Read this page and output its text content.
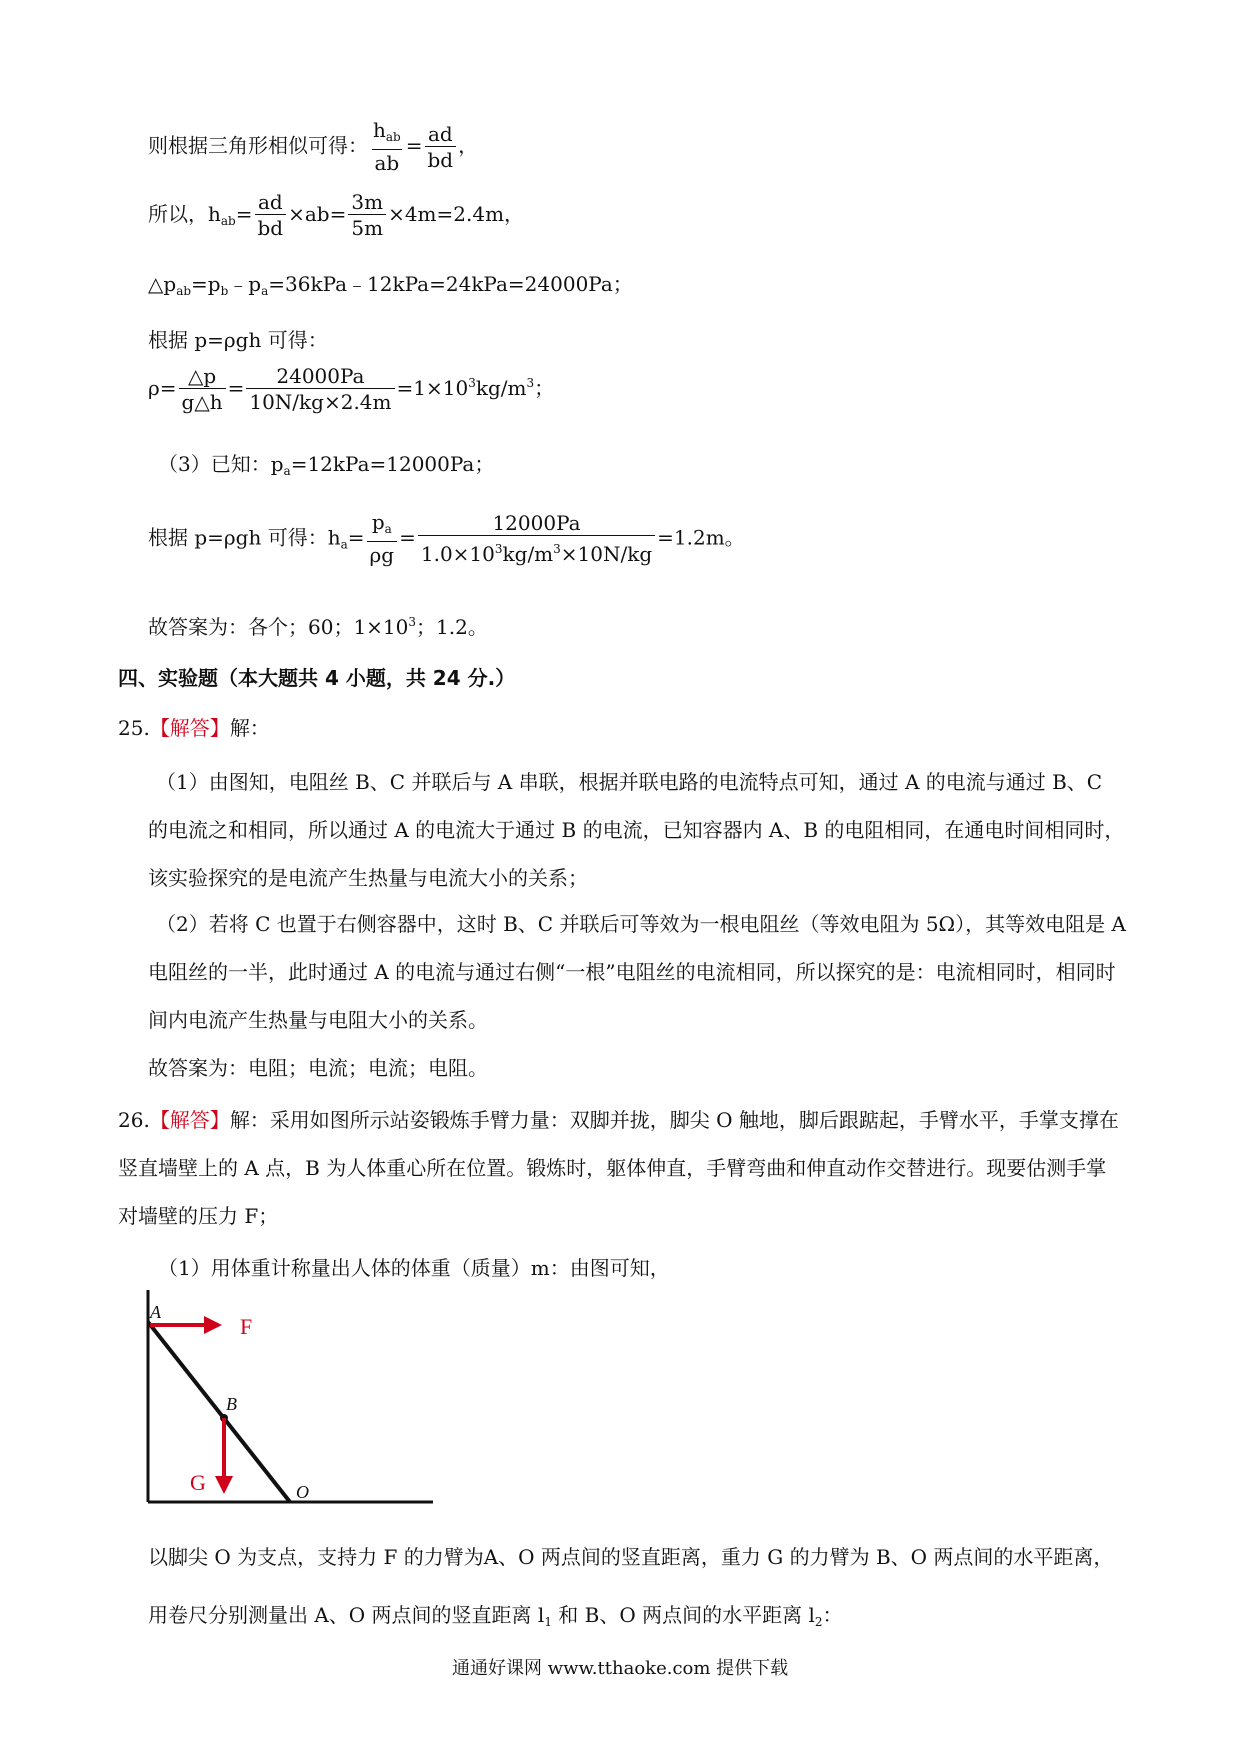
则根据三角形相似可得： $\frac{h_{ab}}{ab} = \frac{ad}{bd}$ ，
所以，$h_{ab}= \frac{ad}{bd} \times ab= \frac{3m}{5m} \times 4m=2.4m$，
$\triangle p_{ab}=p_b﹣p_a=36kPa﹣12kPa=24kPa=24000Pa$；
根据 p=ρgh 可得：
$\rho= \frac{\triangle p}{g\triangle h} = \frac{24000Pa}{10N/kg\times 2.4m} =1\times 10^3kg/m^3$；
（3）已知：$p_a=12kPa=12000Pa$；
根据 p=ρgh 可得：$h_a= \frac{p_a}{\rho g} = \frac{12000Pa}{1.0\times 10^3kg/m^3\times 10N/kg} =1.2m$。
故答案为：各个；60；$1\times 10^3$；1.2。
四、实验题（本大题共 4 小题，共 24 分.）
25.【解答】解：
（1）由图知，电阻丝 B、C 并联后与 A 串联，根据并联电路的电流特点可知，通过 A 的电流与通过 B、C 的电流之和相同，所以通过 A 的电流大于通过 B 的电流，已知容器内 A、B 的电阻相同，在通电时间相同时，该实验探究的是电流产生热量与电流大小的关系；
（2）若将 C 也置于右侧容器中，这时 B、C 并联后可等效为一根电阻丝（等效电阻为 5Ω），其等效电阻是 A 电阻丝的一半，此时通过 A 的电流与通过右侧“一根”电阻丝的电流相同，所以探究的是：电流相同时，相同时间内电流产生热量与电阻大小的关系。
故答案为：电阻；电流；电流；电阻。
26.【解答】解：采用如图所示站姿锻炼手臂力量：双脚并拢，脚尖 O 触地，脚后跟踮起，手臂水平，手掌支撑在竖直墙壁上的 A 点，B 为人体重心所在位置。锻炼时，躯体伸直，手臂弯曲和伸直动作交替进行。现要估测手掌对墙壁的压力 F；
（1）用体重计称量出人体的体重（质量）m：由图可知，
A
F
B
G	O
以脚尖 O 为支点，支持力 F 的力臂为A、O 两点间的竖直距离，重力 G 的力臂为 B、O 两点间的水平距离，用卷尺分别测量出 A、O 两点间的竖直距离 $l_1$ 和 B、O 两点间的水平距离 $l_2$：
通通好课网 www.tthaoke.com 提供下载
